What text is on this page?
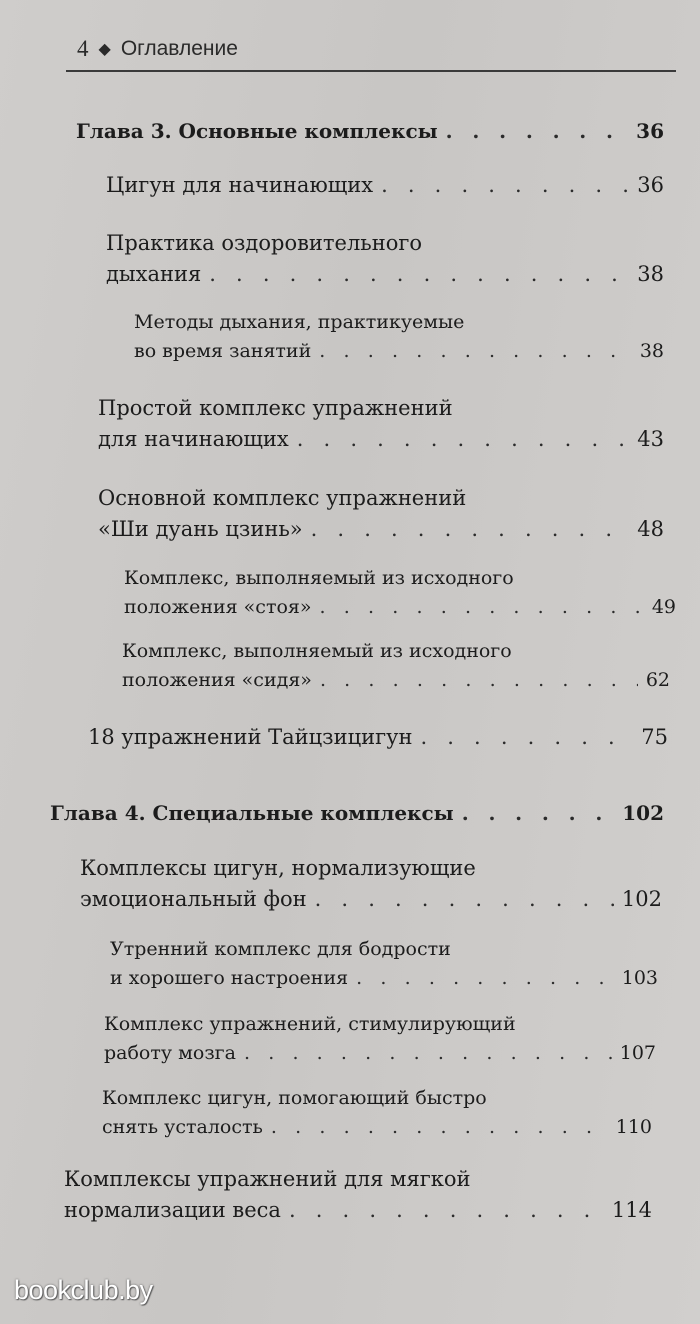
4 ◆ Оглавление
Глава 3. Основные комплексы . . .	36
Цигун для начинающих . . .	36
Практика оздоровительного
дыхания . . .	38
Методы дыхания, практикуемые
во время занятий . . .	38
Простой комплекс упражнений
для начинающих . . .	43
Основной комплекс упражнений
«Ши дуань цзинь» . . .	48
Комплекс, выполняемый из исходного
положения «стоя» . . .	49
Комплекс, выполняемый из исходного
положения «сидя» . . .	62
18 упражнений Тайцзицигун . . .	75
Глава 4. Специальные комплексы . . .	102
Комплексы цигун, нормализующие
эмоциональный фон . . .	102
Утренний комплекс для бодрости
и хорошего настроения . . .	103
Комплекс упражнений, стимулирующий
работу мозга . . .	107
Комплекс цигун, помогающий быстро
снять усталость . . .	110
Комплексы упражнений для мягкой
нормализации веса . . .	114
bookclub.by
